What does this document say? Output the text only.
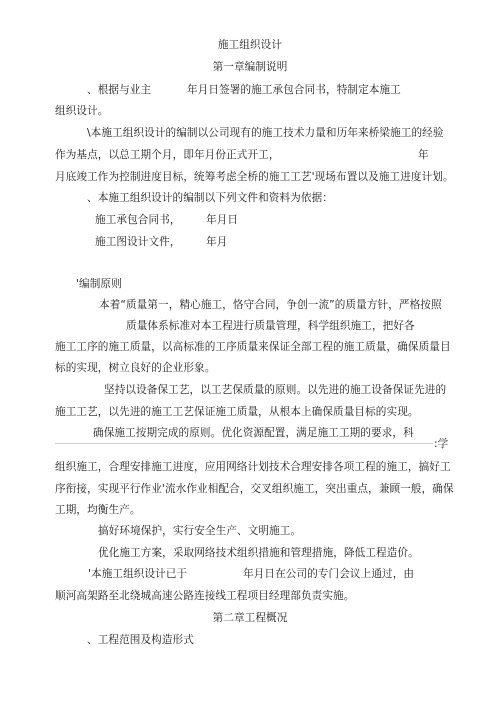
施工组织设计
第一章编制说明
、根据与业主	年月日签署的施工承包合同书，特制定本施工
组织设计。
\本施工组织设计的编制以公司现有的施工技术力量和历年来桥梁施工的经验
作为基点，以总工期个月，即年月份正式开工，	年
月底竣工作为控制进度目标，统筹考虑全桥的施工工艺'现场布置以及施工进度计划。
、本施工组织设计的编制以下列文件和资料为依据：
施工承包合同书， 年月日
施工图设计文件， 年月
'编制原则
本着“质量第一，精心施工，恪守合同，争创一流”的质量方针，严格按照
质量体系标准对本工程进行质量管理，科学组织施工，把好各
施工工序的施工质量，以高标准的工序质量来保证全部工程的施工质量，确保质量目
标的实现，树立良好的企业形象。
坚持以设备保工艺，以工艺保质量的原则。以先进的施工设备保证先进的
施工工艺，以先进的施工工艺保证施工质量，从根本上确保质量目标的实现。
确保施工按期完成的原则。优化资源配置，满足施工工期的要求，科
:学
组织施工，合理安排施工进度，应用网络计划技术合理安排各项工程的施工，搞好工
序衔接，实现平行作业'流水作业相配合，交叉组织施工，突出重点，兼顾一般，确保
工期，均衡生产。
搞好环境保护，实行安全生产、文明施工。
优化施工方案，采取网络技术组织措施和管理措施，降低工程造价。
'本施工组织设计已于	年月日在公司的专门会议上通过，由
顺河高架路至北绕城高速公路连接线工程项目经理部负责实施。
第二章工程概况
、工程范围及构造形式
